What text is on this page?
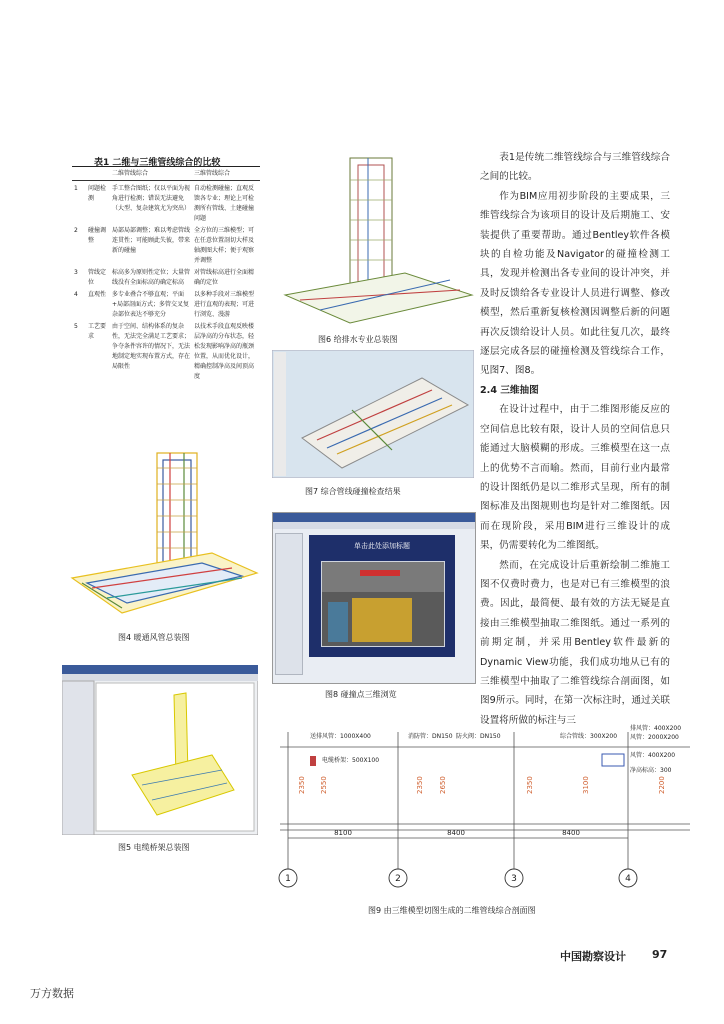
表1 二维与三维管线综合的比较
		二维管线综合	三维管线综合
1	问题检测	手工整合图纸；仅以平面为视角进行检测；错误无法避免（大型、复杂建筑尤为突出）	自动检测碰撞；直观反馈各专业；理论上可检测所有管线、土建碰撞问题
2	碰撞调整	局部局部调整；难以考虑管线连贯性；可能顾此失彼，带来新的碰撞	全方位的三维模型；可在任意位置剖切大样及轴测图大样；便于观察并调整
3	管线定位	标高多为原则性定位；大量管线没有全面标高的确定标高	对管线标高进行全面精确的定位
4	直观性	多专业叠合不够直观；平面+局部剖面方式；多管交叉复杂部位表达不够充分	以多种手段对三维模型进行直观的表现；可进行浏览、漫游
5	工艺要求	由于空间、结构体系的复杂性，无法完全满足工艺要求；争夺条件容许的情况下，无法地制定地实现布置方式，存在局限性	以技术手段直观反映楼层净高的分布状态，轻松发现影响净高的瓶颈位置，从而优化设计，精确控制净高及间顶高度
图4 暖通风管总装图
图5 电缆桥架总装图
图6 给排水专业总装图
图7 综合管线碰撞检查结果
单击此处添加标题
图8 碰撞点三维浏览

表1是传统二维管线综合与三维管线综合之间的比较。

作为BIM应用初步阶段的主要成果，三维管线综合为该项目的设计及后期施工、安装提供了重要帮助。通过Bentley软件各模块的自检功能及Navigator的碰撞检测工具，发现并检测出各专业间的设计冲突，并及时反馈给各专业设计人员进行调整、修改模型，然后重新复核检测因调整后新的问题再次反馈给设计人员。如此往复几次，最终逐层完成各层的碰撞检测及管线综合工作，见图7、图8。

2.4 三维抽图

在设计过程中，由于二维图形能反应的空间信息比较有限，设计人员的空间信息只能通过大脑模糊的形成。三维模型在这一点上的优势不言而喻。然而，目前行业内最常的设计图纸仍是以二维形式呈现，所有的制图标准及出图规则也均是针对二维图纸。因而在现阶段，采用BIM进行三维设计的成果，仍需要转化为二维图纸。

然而，在完成设计后重新绘制二维施工图不仅费时费力，也是对已有三维模型的浪费。因此，最简便、最有效的方法无疑是直接由三维模型抽取二维图纸。通过一系列的前期定制，并采用Bentley软件最新的Dynamic View功能，我们成功地从已有的三维模型中抽取了二维管线综合剖面图，如图9所示。同时，在第一次标注时，通过关联设置将所做的标注与三

送排风管：1000X400	消防管：DN150 防火阀：DN150	综合管线：300X200
排风管：400X200
风管：2000X200
风管：400X200
电缆桥架：500X100
净高标高：300
2350 2550	2350 2650	2350	3100	2200
8100	8400	8400
1	2	3	4
图9 由三维模型切图生成的二维管线综合剖面图
中国勘察设计 97
万方数据
